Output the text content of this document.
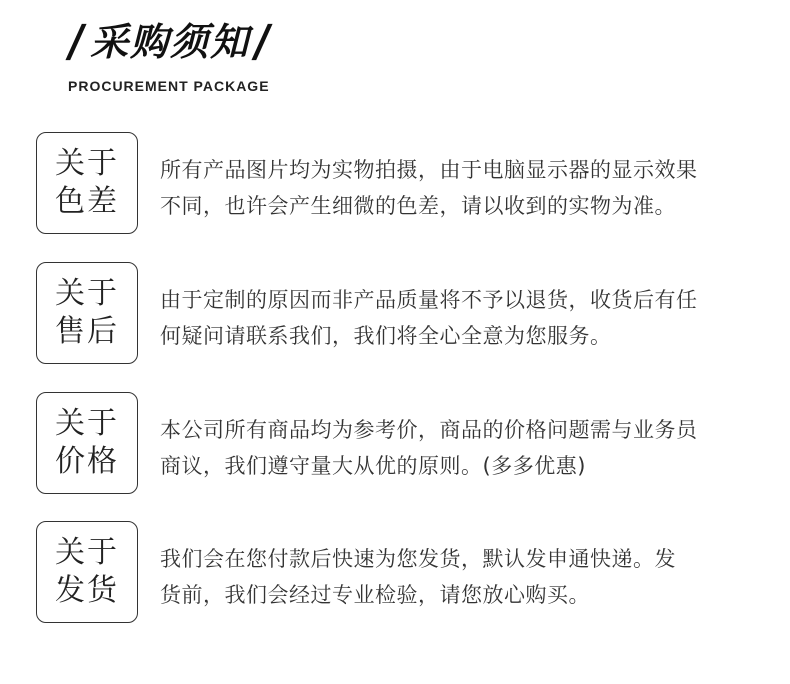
/ 采购须知 /
PROCUREMENT PACKAGE
关于
色差
所有产品图片均为实物拍摄，由于电脑显示器的显示效果
不同，也许会产生细微的色差，请以收到的实物为准。
关于
售后
由于定制的原因而非产品质量将不予以退货，收货后有任
何疑问请联系我们，我们将全心全意为您服务。
关于
价格
本公司所有商品均为参考价，商品的价格问题需与业务员
商议，我们遵守量大从优的原则。(多多优惠)
关于
发货
我们会在您付款后快速为您发货，默认发申通快递。发
货前，我们会经过专业检验，请您放心购买。
